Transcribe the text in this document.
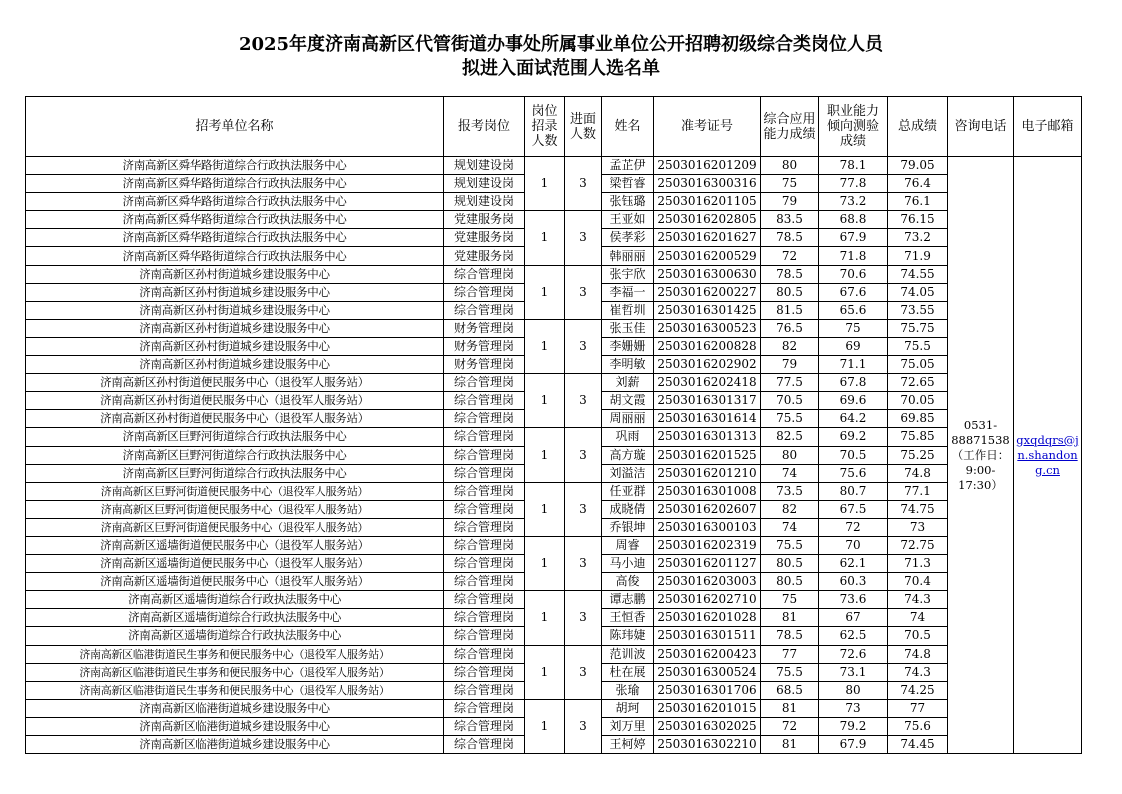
2025年度济南高新区代管街道办事处所属事业单位公开招聘初级综合类岗位人员
拟进入面试范围人选名单
招考单位名称	报考岗位	岗位招录人数	进面人数	姓名	准考证号	综合应用能力成绩	职业能力倾向测验成绩	总成绩	咨询电话	电子邮箱
济南高新区舜华路街道综合行政执法服务中心	规划建设岗	1	3	孟芷伊	2503016201209	80	78.1	79.05	0531-88871538（工作日：9:00-17:30）	gxqdqrs@jn.shandong.cn
济南高新区舜华路街道综合行政执法服务中心	规划建设岗			梁哲睿	2503016300316	75	77.8	76.4		
济南高新区舜华路街道综合行政执法服务中心	规划建设岗			张钰璐	2503016201105	79	73.2	76.1		
济南高新区舜华路街道综合行政执法服务中心	党建服务岗	1	3	王亚如	2503016202805	83.5	68.8	76.15		
济南高新区舜华路街道综合行政执法服务中心	党建服务岗			侯孝彩	2503016201627	78.5	67.9	73.2		
济南高新区舜华路街道综合行政执法服务中心	党建服务岗			韩丽丽	2503016200529	72	71.8	71.9		
济南高新区孙村街道城乡建设服务中心	综合管理岗	1	3	张宇欣	2503016300630	78.5	70.6	74.55		
济南高新区孙村街道城乡建设服务中心	综合管理岗			李福一	2503016200227	80.5	67.6	74.05		
济南高新区孙村街道城乡建设服务中心	综合管理岗			崔哲圳	2503016301425	81.5	65.6	73.55		
济南高新区孙村街道城乡建设服务中心	财务管理岗	1	3	张玉佳	2503016300523	76.5	75	75.75		
济南高新区孙村街道城乡建设服务中心	财务管理岗			李姗姗	2503016200828	82	69	75.5		
济南高新区孙村街道城乡建设服务中心	财务管理岗			李明敏	2503016202902	79	71.1	75.05		
济南高新区孙村街道便民服务中心（退役军人服务站）	综合管理岗	1	3	刘薪	2503016202418	77.5	67.8	72.65		
济南高新区孙村街道便民服务中心（退役军人服务站）	综合管理岗			胡文霞	2503016301317	70.5	69.6	70.05		
济南高新区孙村街道便民服务中心（退役军人服务站）	综合管理岗			周丽丽	2503016301614	75.5	64.2	69.85		
济南高新区巨野河街道综合行政执法服务中心	综合管理岗	1	3	巩雨	2503016301313	82.5	69.2	75.85		
济南高新区巨野河街道综合行政执法服务中心	综合管理岗			高方璇	2503016201525	80	70.5	75.25		
济南高新区巨野河街道综合行政执法服务中心	综合管理岗			刘溢洁	2503016201210	74	75.6	74.8		
济南高新区巨野河街道便民服务中心（退役军人服务站）	综合管理岗	1	3	任亚群	2503016301008	73.5	80.7	77.1		
济南高新区巨野河街道便民服务中心（退役军人服务站）	综合管理岗			成晓倩	2503016202607	82	67.5	74.75		
济南高新区巨野河街道便民服务中心（退役军人服务站）	综合管理岗			乔银坤	2503016300103	74	72	73		
济南高新区遥墙街道便民服务中心（退役军人服务站）	综合管理岗	1	3	周睿	2503016202319	75.5	70	72.75		
济南高新区遥墙街道便民服务中心（退役军人服务站）	综合管理岗			马小迪	2503016201127	80.5	62.1	71.3		
济南高新区遥墙街道便民服务中心（退役军人服务站）	综合管理岗			高俊	2503016203003	80.5	60.3	70.4		
济南高新区遥墙街道综合行政执法服务中心	综合管理岗	1	3	谭志鹏	2503016202710	75	73.6	74.3		
济南高新区遥墙街道综合行政执法服务中心	综合管理岗			王恒香	2503016201028	81	67	74		
济南高新区遥墙街道综合行政执法服务中心	综合管理岗			陈玮婕	2503016301511	78.5	62.5	70.5		
济南高新区临港街道民生事务和便民服务中心（退役军人服务站）	综合管理岗	1	3	范训波	2503016200423	77	72.6	74.8		
济南高新区临港街道民生事务和便民服务中心（退役军人服务站）	综合管理岗			杜在展	2503016300524	75.5	73.1	74.3		
济南高新区临港街道民生事务和便民服务中心（退役军人服务站）	综合管理岗			张瑜	2503016301706	68.5	80	74.25		
济南高新区临港街道城乡建设服务中心	综合管理岗	1	3	胡珂	2503016201015	81	73	77		
济南高新区临港街道城乡建设服务中心	综合管理岗			刘万里	2503016302025	72	79.2	75.6		
济南高新区临港街道城乡建设服务中心	综合管理岗			王柯婷	2503016302210	81	67.9	74.45		
